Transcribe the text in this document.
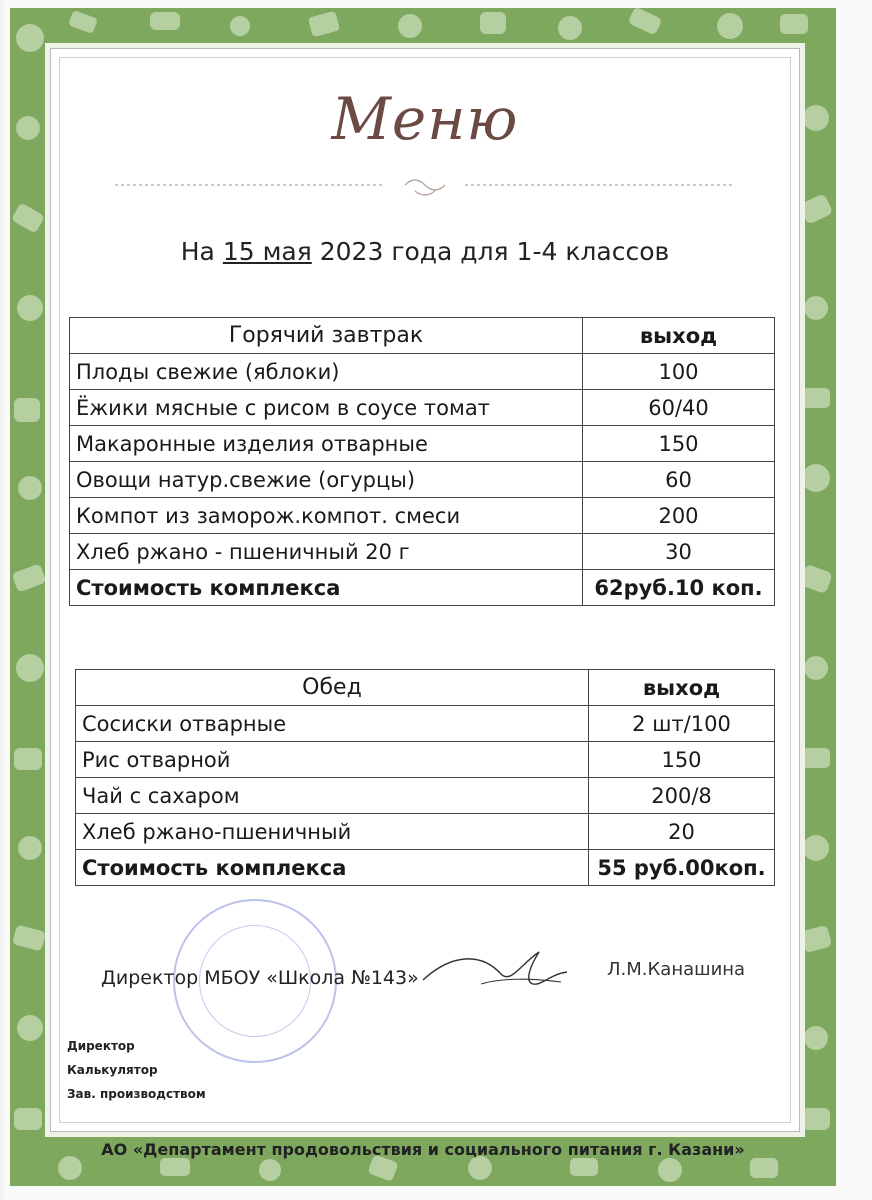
Меню
На 15 мая 2023 года для 1-4 классов
Горячий завтрак	выход
Плоды свежие (яблоки)	100
Ёжики мясные с рисом в соусе томат	60/40
Макаронные изделия отварные	150
Овощи натур.свежие (огурцы)	60
Компот из заморож.компот. смеси	200
Хлеб ржано - пшеничный 20 г	30
Стоимость комплекса	62руб.10 коп.
Обед	выход
Сосиски отварные	2 шт/100
Рис отварной	150
Чай с сахаром	200/8
Хлеб ржано-пшеничный	20
Стоимость комплекса	55 руб.00коп.
Директор МБОУ «Школа №143»	Л.М.Канашина
Директор
Калькулятор
Зав. производством
АО «Департамент продовольствия и социального питания г. Казани»
